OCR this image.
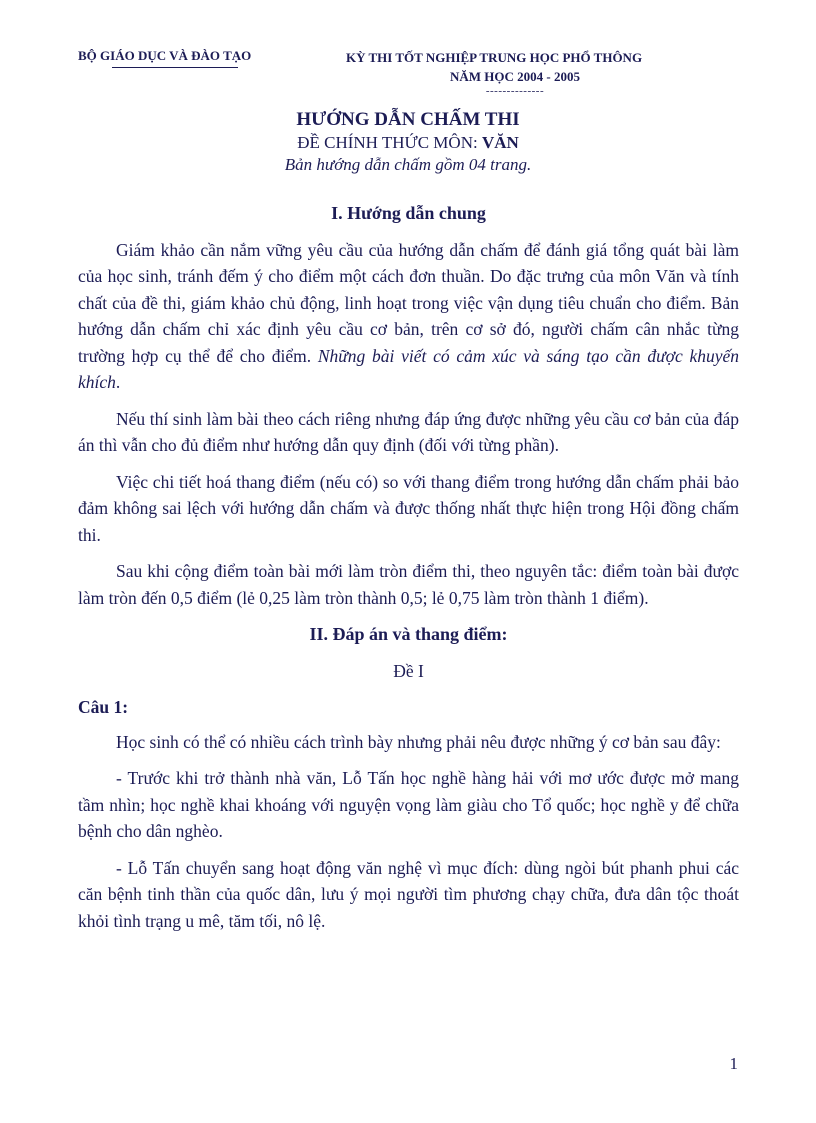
BỘ GIÁO DỤC VÀ ĐÀO TẠO	KỲ THI TỐT NGHIỆP TRUNG HỌC PHỔ THÔNG
NĂM HỌC 2004 - 2005
--------------
HƯỚNG DẪN CHẤM THI
ĐỀ CHÍNH THỨC MÔN: VĂN
Bản hướng dẫn chấm gồm 04 trang.
I. Hướng dẫn chung

Giám khảo cần nắm vững yêu cầu của hướng dẫn chấm để đánh giá tổng quát bài làm của học sinh, tránh đếm ý cho điểm một cách đơn thuần. Do đặc trưng của môn Văn và tính chất của đề thi, giám khảo chủ động, linh hoạt trong việc vận dụng tiêu chuẩn cho điểm. Bản hướng dẫn chấm chỉ xác định yêu cầu cơ bản, trên cơ sở đó, người chấm cân nhắc từng trường hợp cụ thể để cho điểm. Những bài viết có cảm xúc và sáng tạo cần được khuyến khích.

Nếu thí sinh làm bài theo cách riêng nhưng đáp ứng được những yêu cầu cơ bản của đáp án thì vẫn cho đủ điểm như hướng dẫn quy định (đối với từng phần).

Việc chi tiết hoá thang điểm (nếu có) so với thang điểm trong hướng dẫn chấm phải bảo đảm không sai lệch với hướng dẫn chấm và được thống nhất thực hiện trong Hội đồng chấm thi.

Sau khi cộng điểm toàn bài mới làm tròn điểm thi, theo nguyên tắc: điểm toàn bài được làm tròn đến 0,5 điểm (lẻ 0,25 làm tròn thành 0,5; lẻ 0,75 làm tròn thành 1 điểm).

II. Đáp án và thang điểm:
Đề I
Câu 1:

Học sinh có thể có nhiều cách trình bày nhưng phải nêu được những ý cơ bản sau đây:

- Trước khi trở thành nhà văn, Lỗ Tấn học nghề hàng hải với mơ ước được mở mang tầm nhìn; học nghề khai khoáng với nguyện vọng làm giàu cho Tổ quốc; học nghề y để chữa bệnh cho dân nghèo.

- Lỗ Tấn chuyển sang hoạt động văn nghệ vì mục đích: dùng ngòi bút phanh phui các căn bệnh tinh thần của quốc dân, lưu ý mọi người tìm phương chạy chữa, đưa dân tộc thoát khỏi tình trạng u mê, tăm tối, nô lệ.

1
